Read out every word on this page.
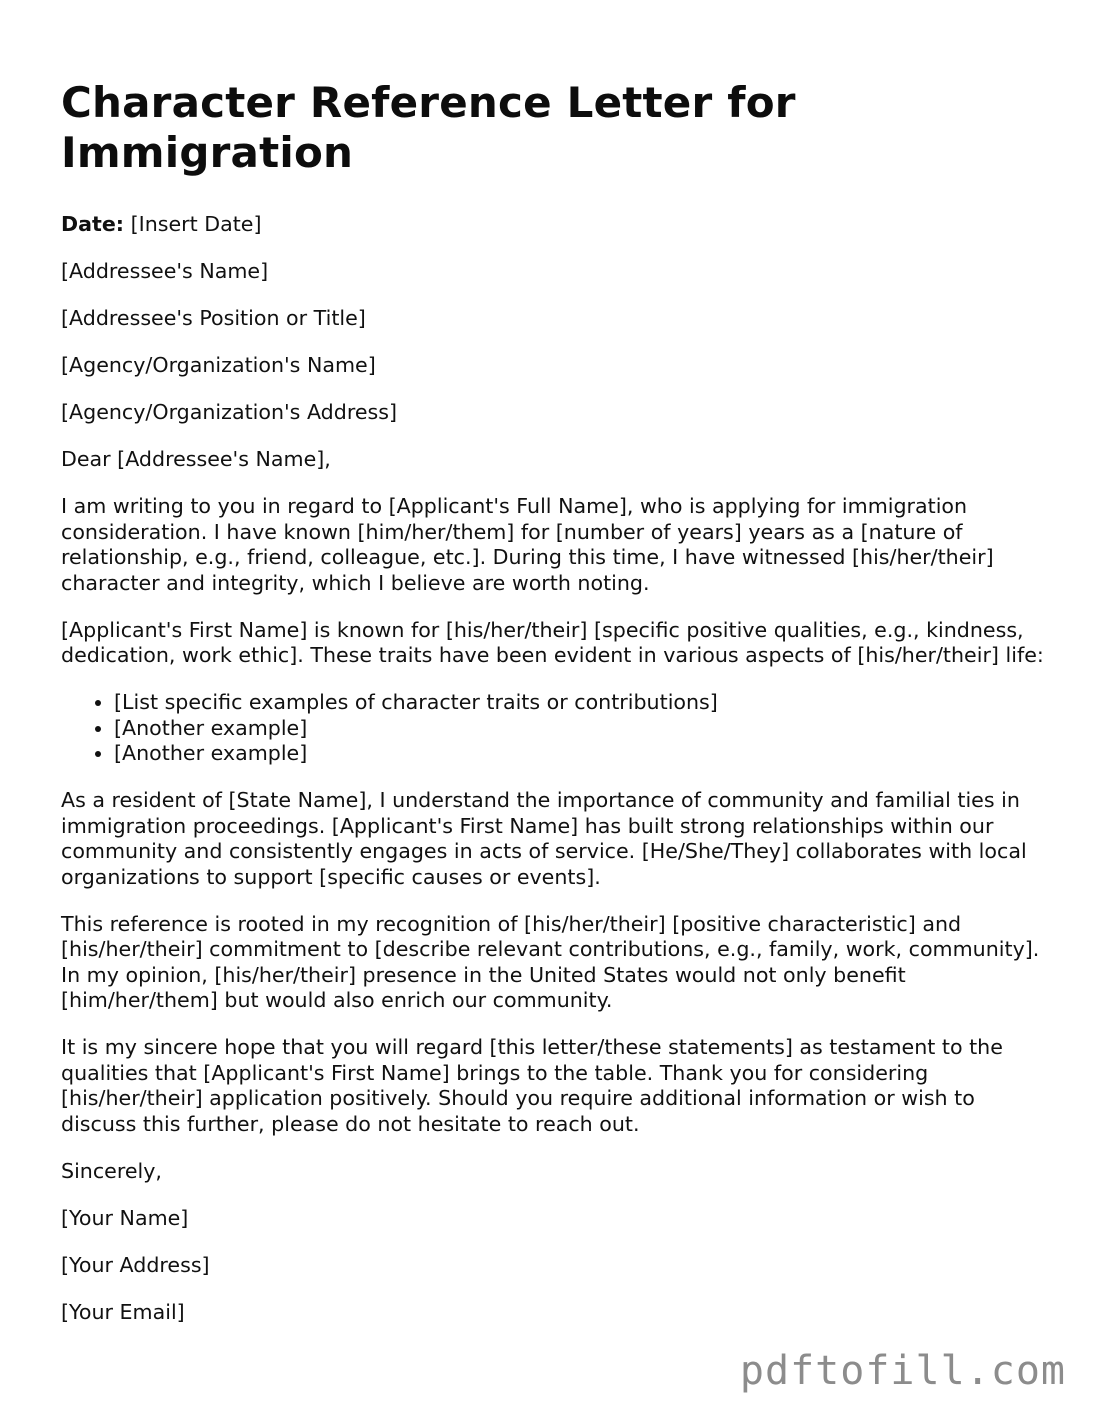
Character Reference Letter for Immigration

Date: [Insert Date]

[Addressee's Name]

[Addressee's Position or Title]

[Agency/Organization's Name]

[Agency/Organization's Address]

Dear [Addressee's Name],

I am writing to you in regard to [Applicant's Full Name], who is applying for immigration consideration. I have known [him/her/them] for [number of years] years as a [nature of relationship, e.g., friend, colleague, etc.]. During this time, I have witnessed [his/her/their] character and integrity, which I believe are worth noting.

[Applicant's First Name] is known for [his/her/their] [specific positive qualities, e.g., kindness, dedication, work ethic]. These traits have been evident in various aspects of [his/her/their] life:

• [List specific examples of character traits or contributions]
• [Another example]
• [Another example]

As a resident of [State Name], I understand the importance of community and familial ties in immigration proceedings. [Applicant's First Name] has built strong relationships within our community and consistently engages in acts of service. [He/She/They] collaborates with local organizations to support [specific causes or events].

This reference is rooted in my recognition of [his/her/their] [positive characteristic] and [his/her/their] commitment to [describe relevant contributions, e.g., family, work, community]. In my opinion, [his/her/their] presence in the United States would not only benefit [him/her/them] but would also enrich our community.

It is my sincere hope that you will regard [this letter/these statements] as testament to the qualities that [Applicant's First Name] brings to the table. Thank you for considering [his/her/their] application positively. Should you require additional information or wish to discuss this further, please do not hesitate to reach out.

Sincerely,

[Your Name]

[Your Address]

[Your Email]

pdftofill.com
